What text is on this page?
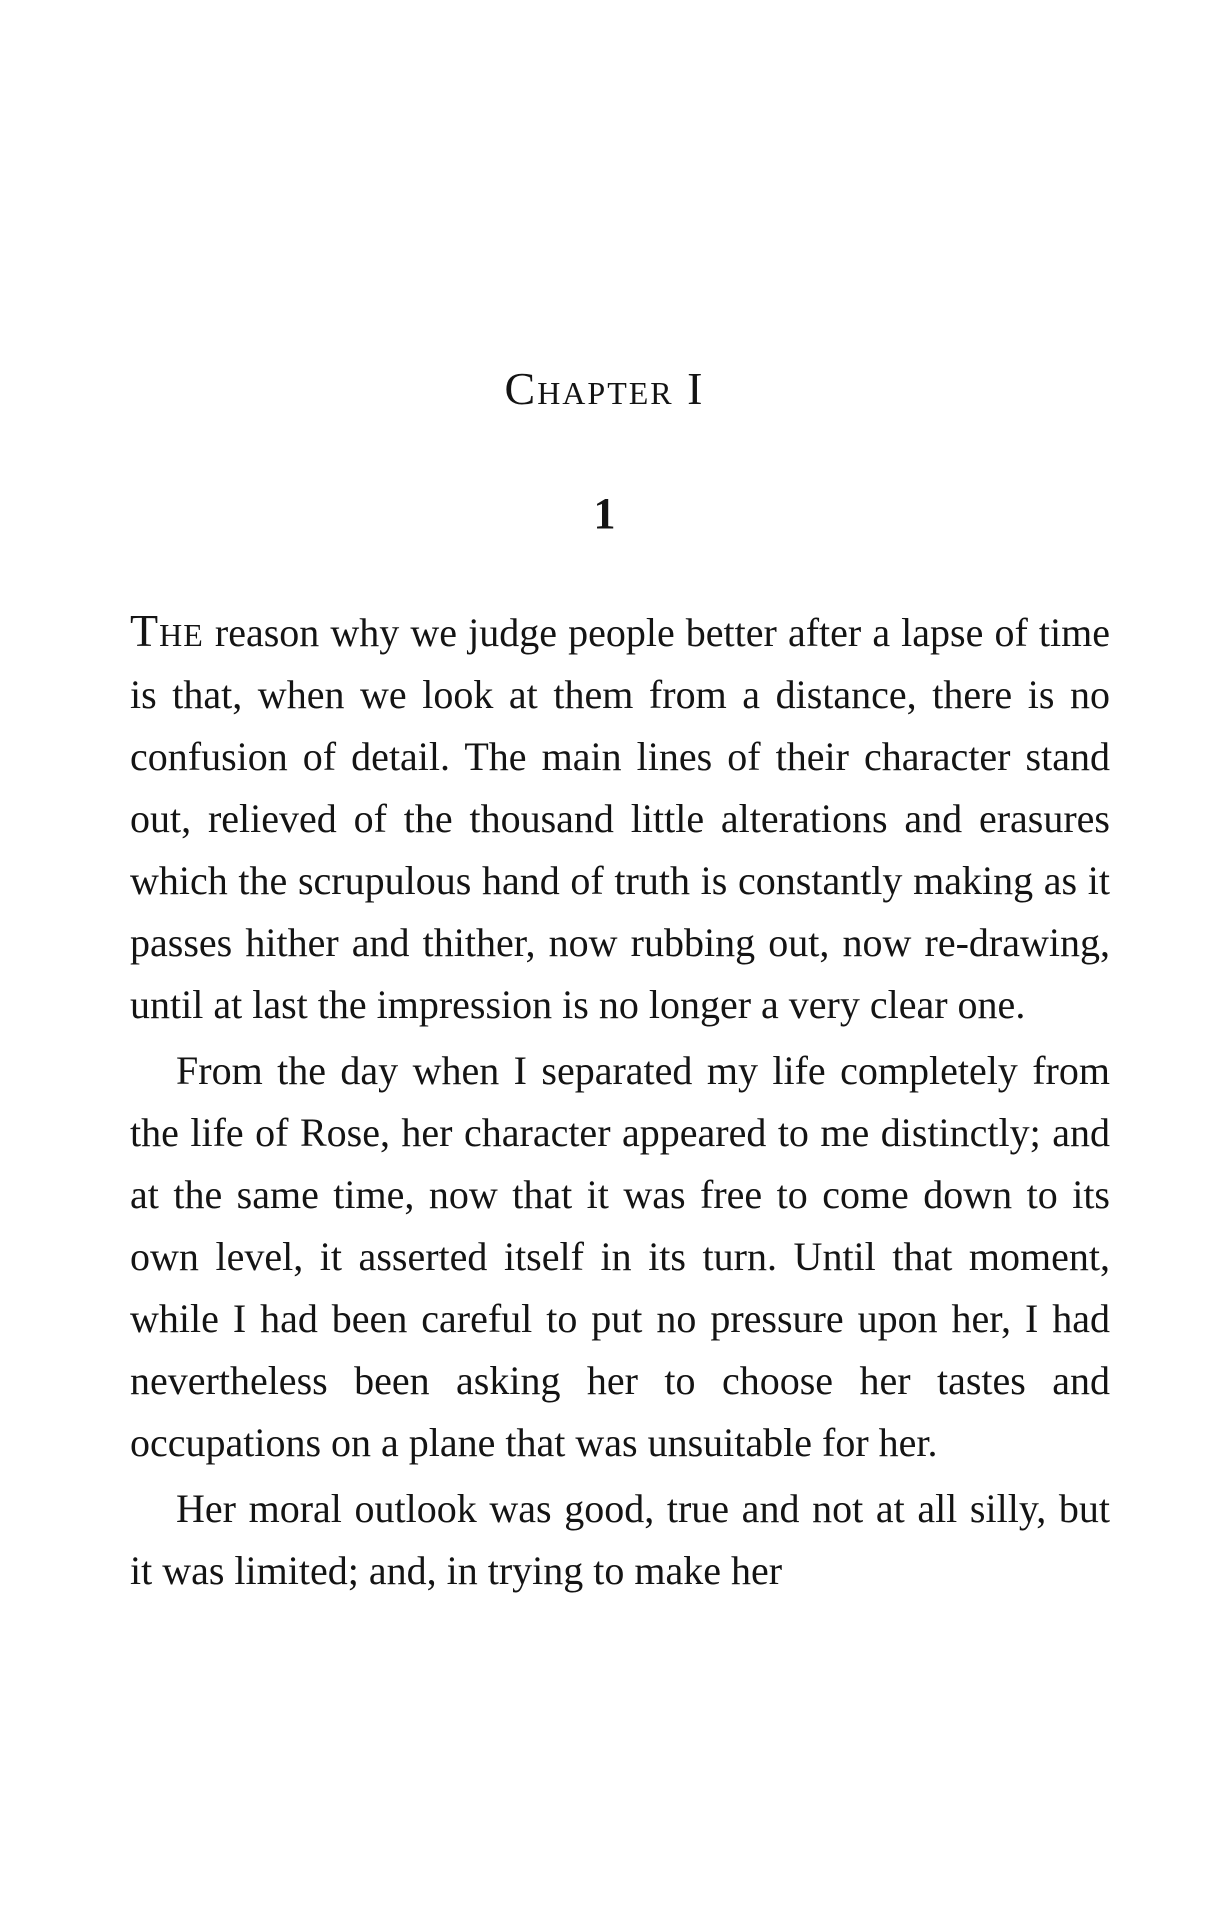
Chapter I
1

The reason why we judge people better after a lapse of time is that, when we look at them from a distance, there is no confusion of detail. The main lines of their character stand out, relieved of the thousand little alterations and erasures which the scrupulous hand of truth is constantly making as it passes hither and thither, now rubbing out, now re-drawing, until at last the impression is no longer a very clear one.

From the day when I separated my life completely from the life of Rose, her character appeared to me distinctly; and at the same time, now that it was free to come down to its own level, it asserted itself in its turn. Until that moment, while I had been careful to put no pressure upon her, I had nevertheless been asking her to choose her tastes and occupations on a plane that was unsuitable for her.

Her moral outlook was good, true and not at all silly, but it was limited; and, in trying to make her
